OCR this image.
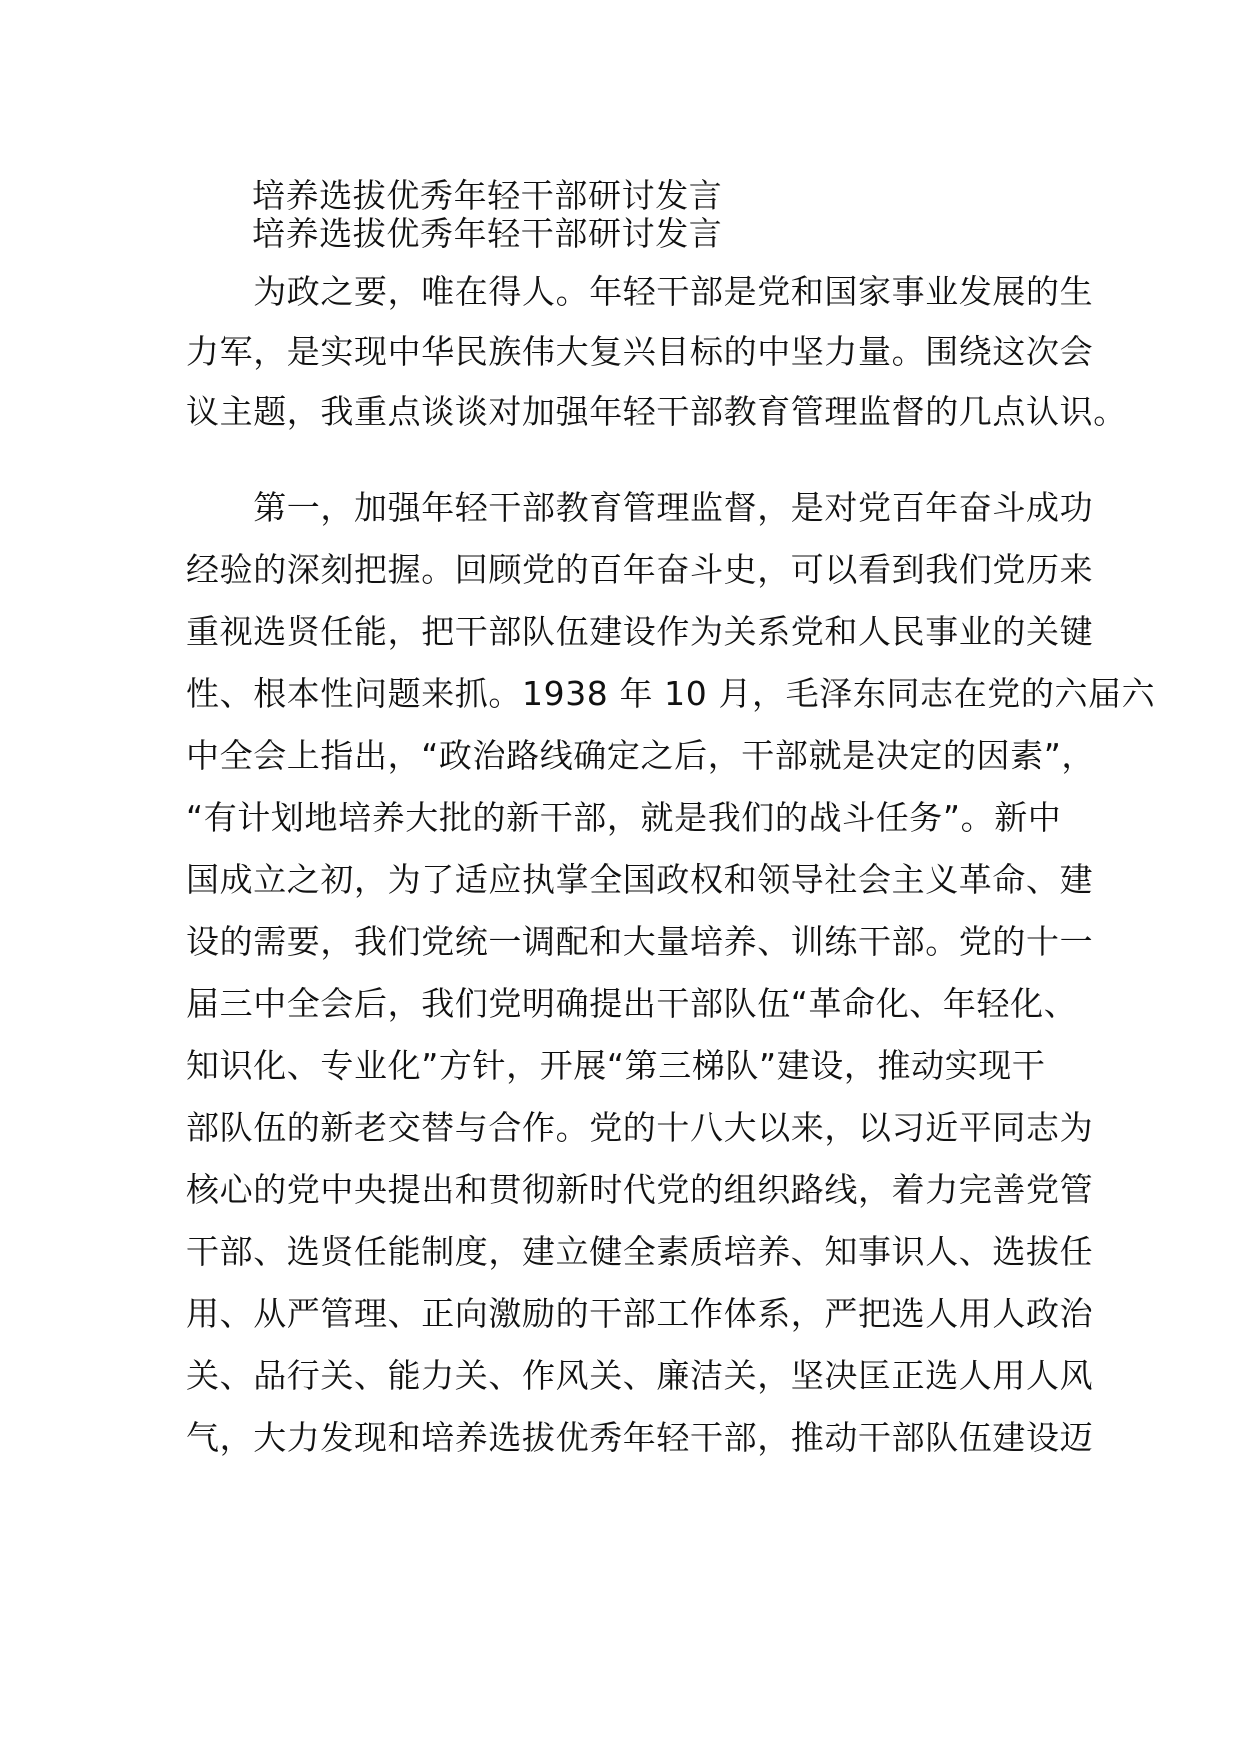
培养选拔优秀年轻干部研讨发言
培养选拔优秀年轻干部研讨发言
　　为政之要，唯在得人。年轻干部是党和国家事业发展的生
力军，是实现中华民族伟大复兴目标的中坚力量。围绕这次会
议主题，我重点谈谈对加强年轻干部教育管理监督的几点认识。
　　第一，加强年轻干部教育管理监督，是对党百年奋斗成功
经验的深刻把握。回顾党的百年奋斗史，可以看到我们党历来
重视选贤任能，把干部队伍建设作为关系党和人民事业的关键
性、根本性问题来抓。1938 年 10 月，毛泽东同志在党的六届六
中全会上指出，“政治路线确定之后，干部就是决定的因素”，
“有计划地培养大批的新干部，就是我们的战斗任务”。新中
国成立之初，为了适应执掌全国政权和领导社会主义革命、建
设的需要，我们党统一调配和大量培养、训练干部。党的十一
届三中全会后，我们党明确提出干部队伍“革命化、年轻化、
知识化、专业化”方针，开展“第三梯队”建设，推动实现干
部队伍的新老交替与合作。党的十八大以来，以习近平同志为
核心的党中央提出和贯彻新时代党的组织路线，着力完善党管
干部、选贤任能制度，建立健全素质培养、知事识人、选拔任
用、从严管理、正向激励的干部工作体系，严把选人用人政治
关、品行关、能力关、作风关、廉洁关，坚决匡正选人用人风
气，大力发现和培养选拔优秀年轻干部，推动干部队伍建设迈
